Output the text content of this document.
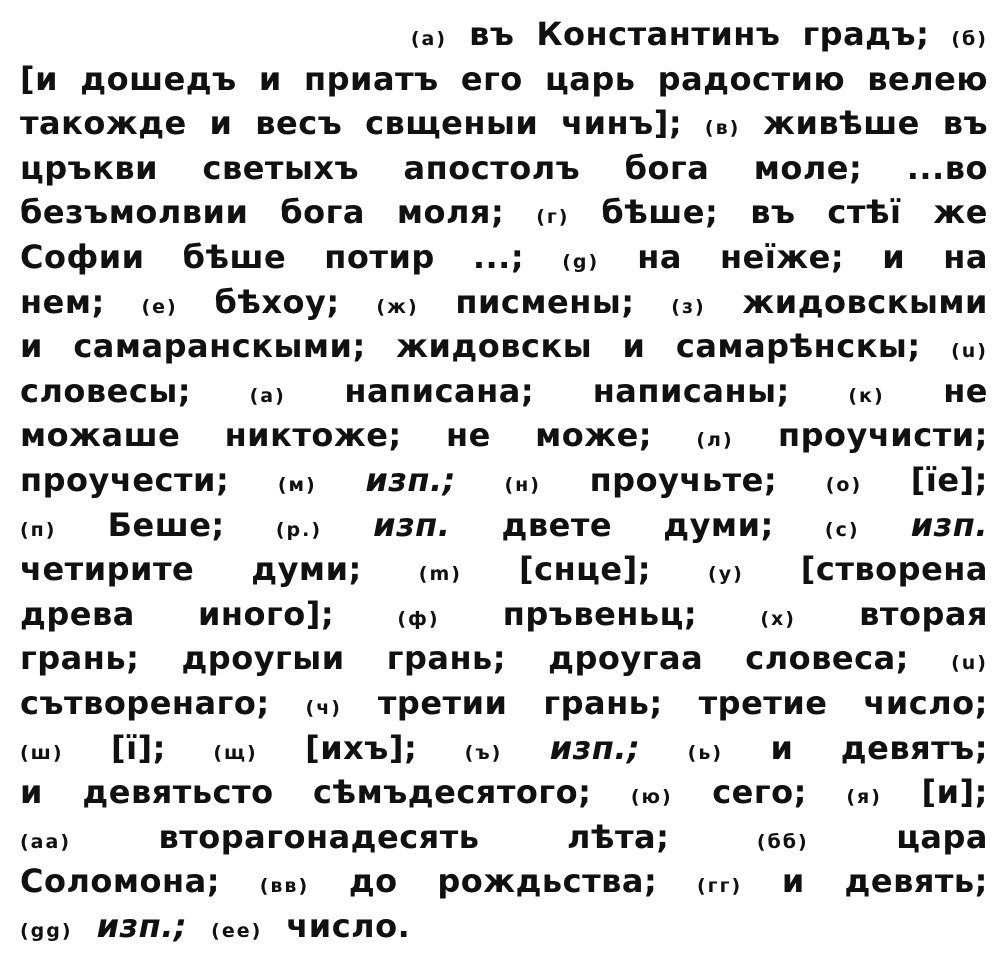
(а) въ Константинъ градъ; (б)
[и дошедъ и приатъ его царь радостию велею
такожде и весъ свщеныи чинъ]; (в) живѣше въ
цръкви светыхъ апостолъ бога моле; ...во
безъмолвии бога моля; (г) бѣше; въ стѣї же
Софии бѣше потир ...; (g) на неїже; и на
нем; (е) бѣхоу; (ж) писмены; (з) жидовскыми
и самаранскыми; жидовскы и самарѣнскы; (u)
словесы;	(a) написана; написаны;	(к) не
можаше никтоже; не може; (л) проучисти;
проучести;	(м) изп.;	(н) проучьте;	(о) [їе];
(п) Беше;	(р.) изп. двете думи;	(с) изп.
четирите думи;	(m) [снце];	(у) [створена
древа иного];	(ф) пръвеньц;	(х) вторая
грань; дроугыи грань; дроугаа словеса; (u)
сътворенаго; (ч) третии грань; третие число;
(ш) [ї]; (щ) [ихъ]; (ъ) изп.; (ь) и девятъ;
и девятьсто сѣмъдесятого; (ю) сего; (я) [и];
(аа)	вторагонадесять	лѣта;	(бб)	цара
Соломона; (вв) до рождьства; (гг) и девять;
(gg) изп.; (ее) число.
